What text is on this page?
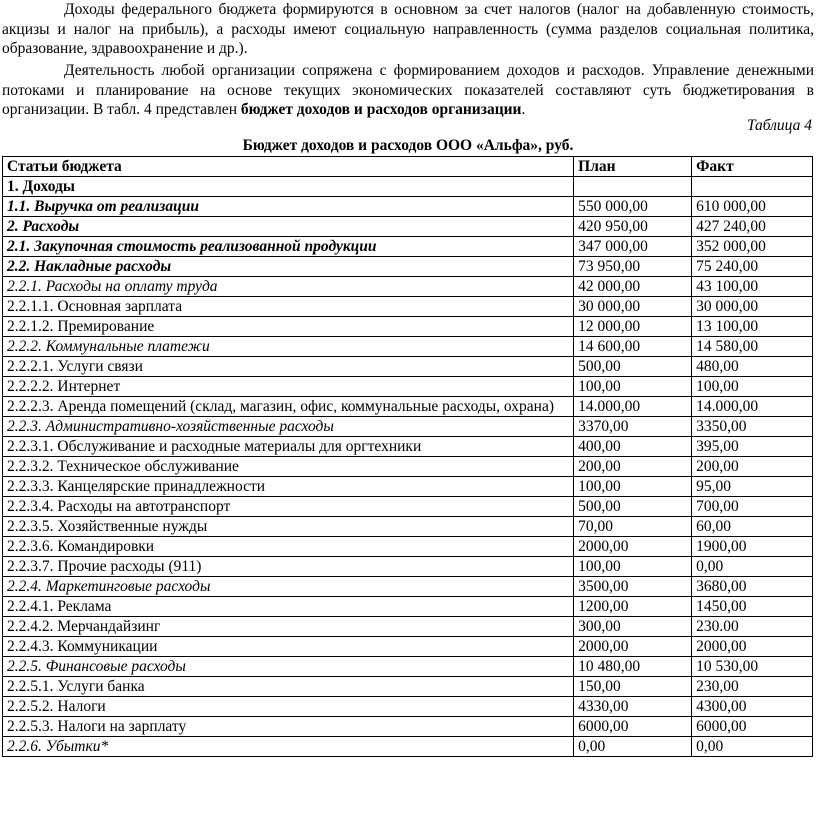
Доходы федерального бюджета формируются в основном за счет налогов (налог на добавленную стоимость, акцизы и налог на прибыль), а расходы имеют социальную направленность (сумма разделов социальная политика, образование, здравоохранение и др.).

Деятельность любой организации сопряжена с формированием доходов и расходов. Управление денежными потоками и планирование на основе текущих экономических показателей составляют суть бюджетирования в организации. В табл. 4 представлен бюджет доходов и расходов организации.

Таблица 4
Бюджет доходов и расходов ООО «Альфа», руб.
Статьи бюджета	План	Факт
1. Доходы		
1.1. Выручка от реализации	550 000,00	610 000,00
2. Расходы	420 950,00	427 240,00
2.1. Закупочная стоимость реализованной продукции	347 000,00	352 000,00
2.2. Накладные расходы	73 950,00	75 240,00
2.2.1. Расходы на оплату труда	42 000,00	43 100,00
2.2.1.1. Основная зарплата	30 000,00	30 000,00
2.2.1.2. Премирование	12 000,00	13 100,00
2.2.2. Коммунальные платежи	14 600,00	14 580,00
2.2.2.1. Услуги связи	500,00	480,00
2.2.2.2. Интернет	100,00	100,00
2.2.2.3. Аренда помещений (склад, магазин, офис, коммунальные расходы, охрана)	14.000,00	14.000,00
2.2.3. Административно-хозяйственные расходы	3370,00	3350,00
2.2.3.1. Обслуживание и расходные материалы для оргтехники	400,00	395,00
2.2.3.2. Техническое обслуживание	200,00	200,00
2.2.3.3. Канцелярские принадлежности	100,00	95,00
2.2.3.4. Расходы на автотранспорт	500,00	700,00
2.2.3.5. Хозяйственные нужды	70,00	60,00
2.2.3.6. Командировки	2000,00	1900,00
2.2.3.7. Прочие расходы (911)	100,00	0,00
2.2.4. Маркетинговые расходы	3500,00	3680,00
2.2.4.1. Реклама	1200,00	1450,00
2.2.4.2. Мерчандайзинг	300,00	230.00
2.2.4.3. Коммуникации	2000,00	2000,00
2.2.5. Финансовые расходы	10 480,00	10 530,00
2.2.5.1. Услуги банка	150,00	230,00
2.2.5.2. Налоги	4330,00	4300,00
2.2.5.3. Налоги на зарплату	6000,00	6000,00
2.2.6. Убытки*	0,00	0,00
